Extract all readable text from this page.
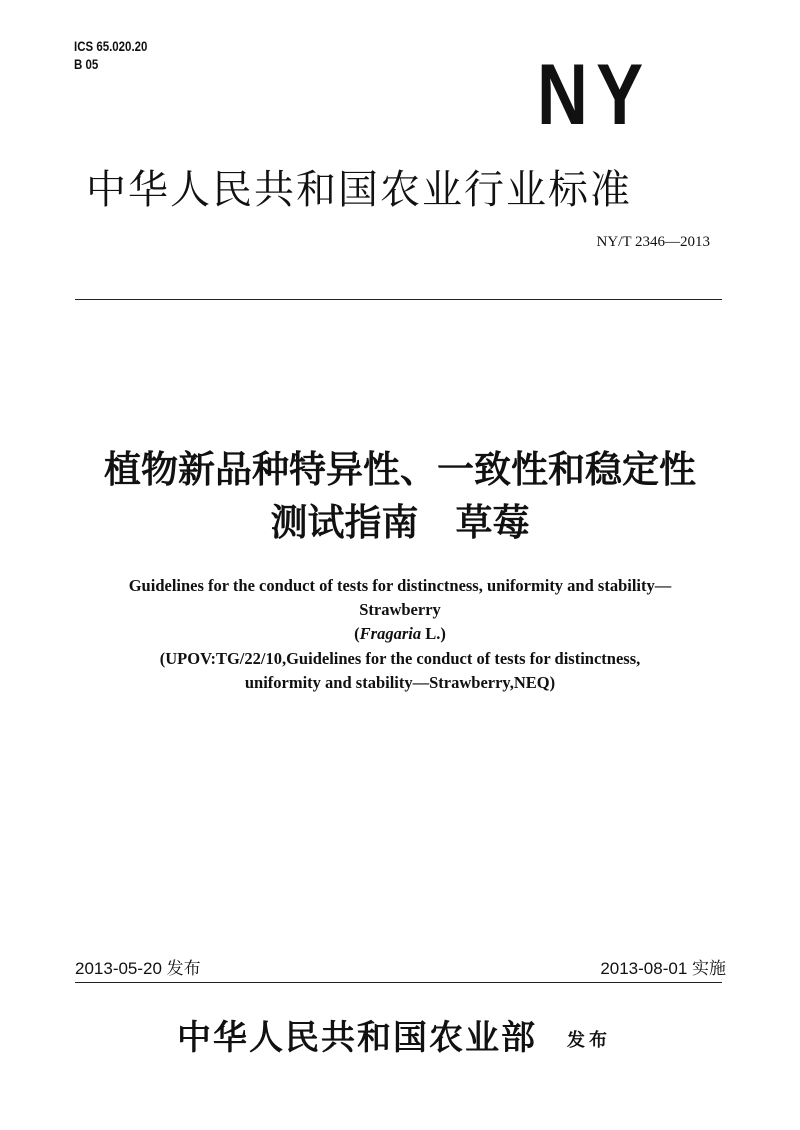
ICS 65.020.20
B 05	NY
中华人民共和国农业行业标准
NY/T 2346—2013
植物新品种特异性、一致性和稳定性
测试指南　草莓
Guidelines for the conduct of tests for distinctness, uniformity and stability—
Strawberry
(Fragaria L.)
(UPOV:TG/22/10,Guidelines for the conduct of tests for distinctness,
uniformity and stability—Strawberry,NEQ)
2013-05-20 发布	2013-08-01 实施
中华人民共和国农业部 发布
